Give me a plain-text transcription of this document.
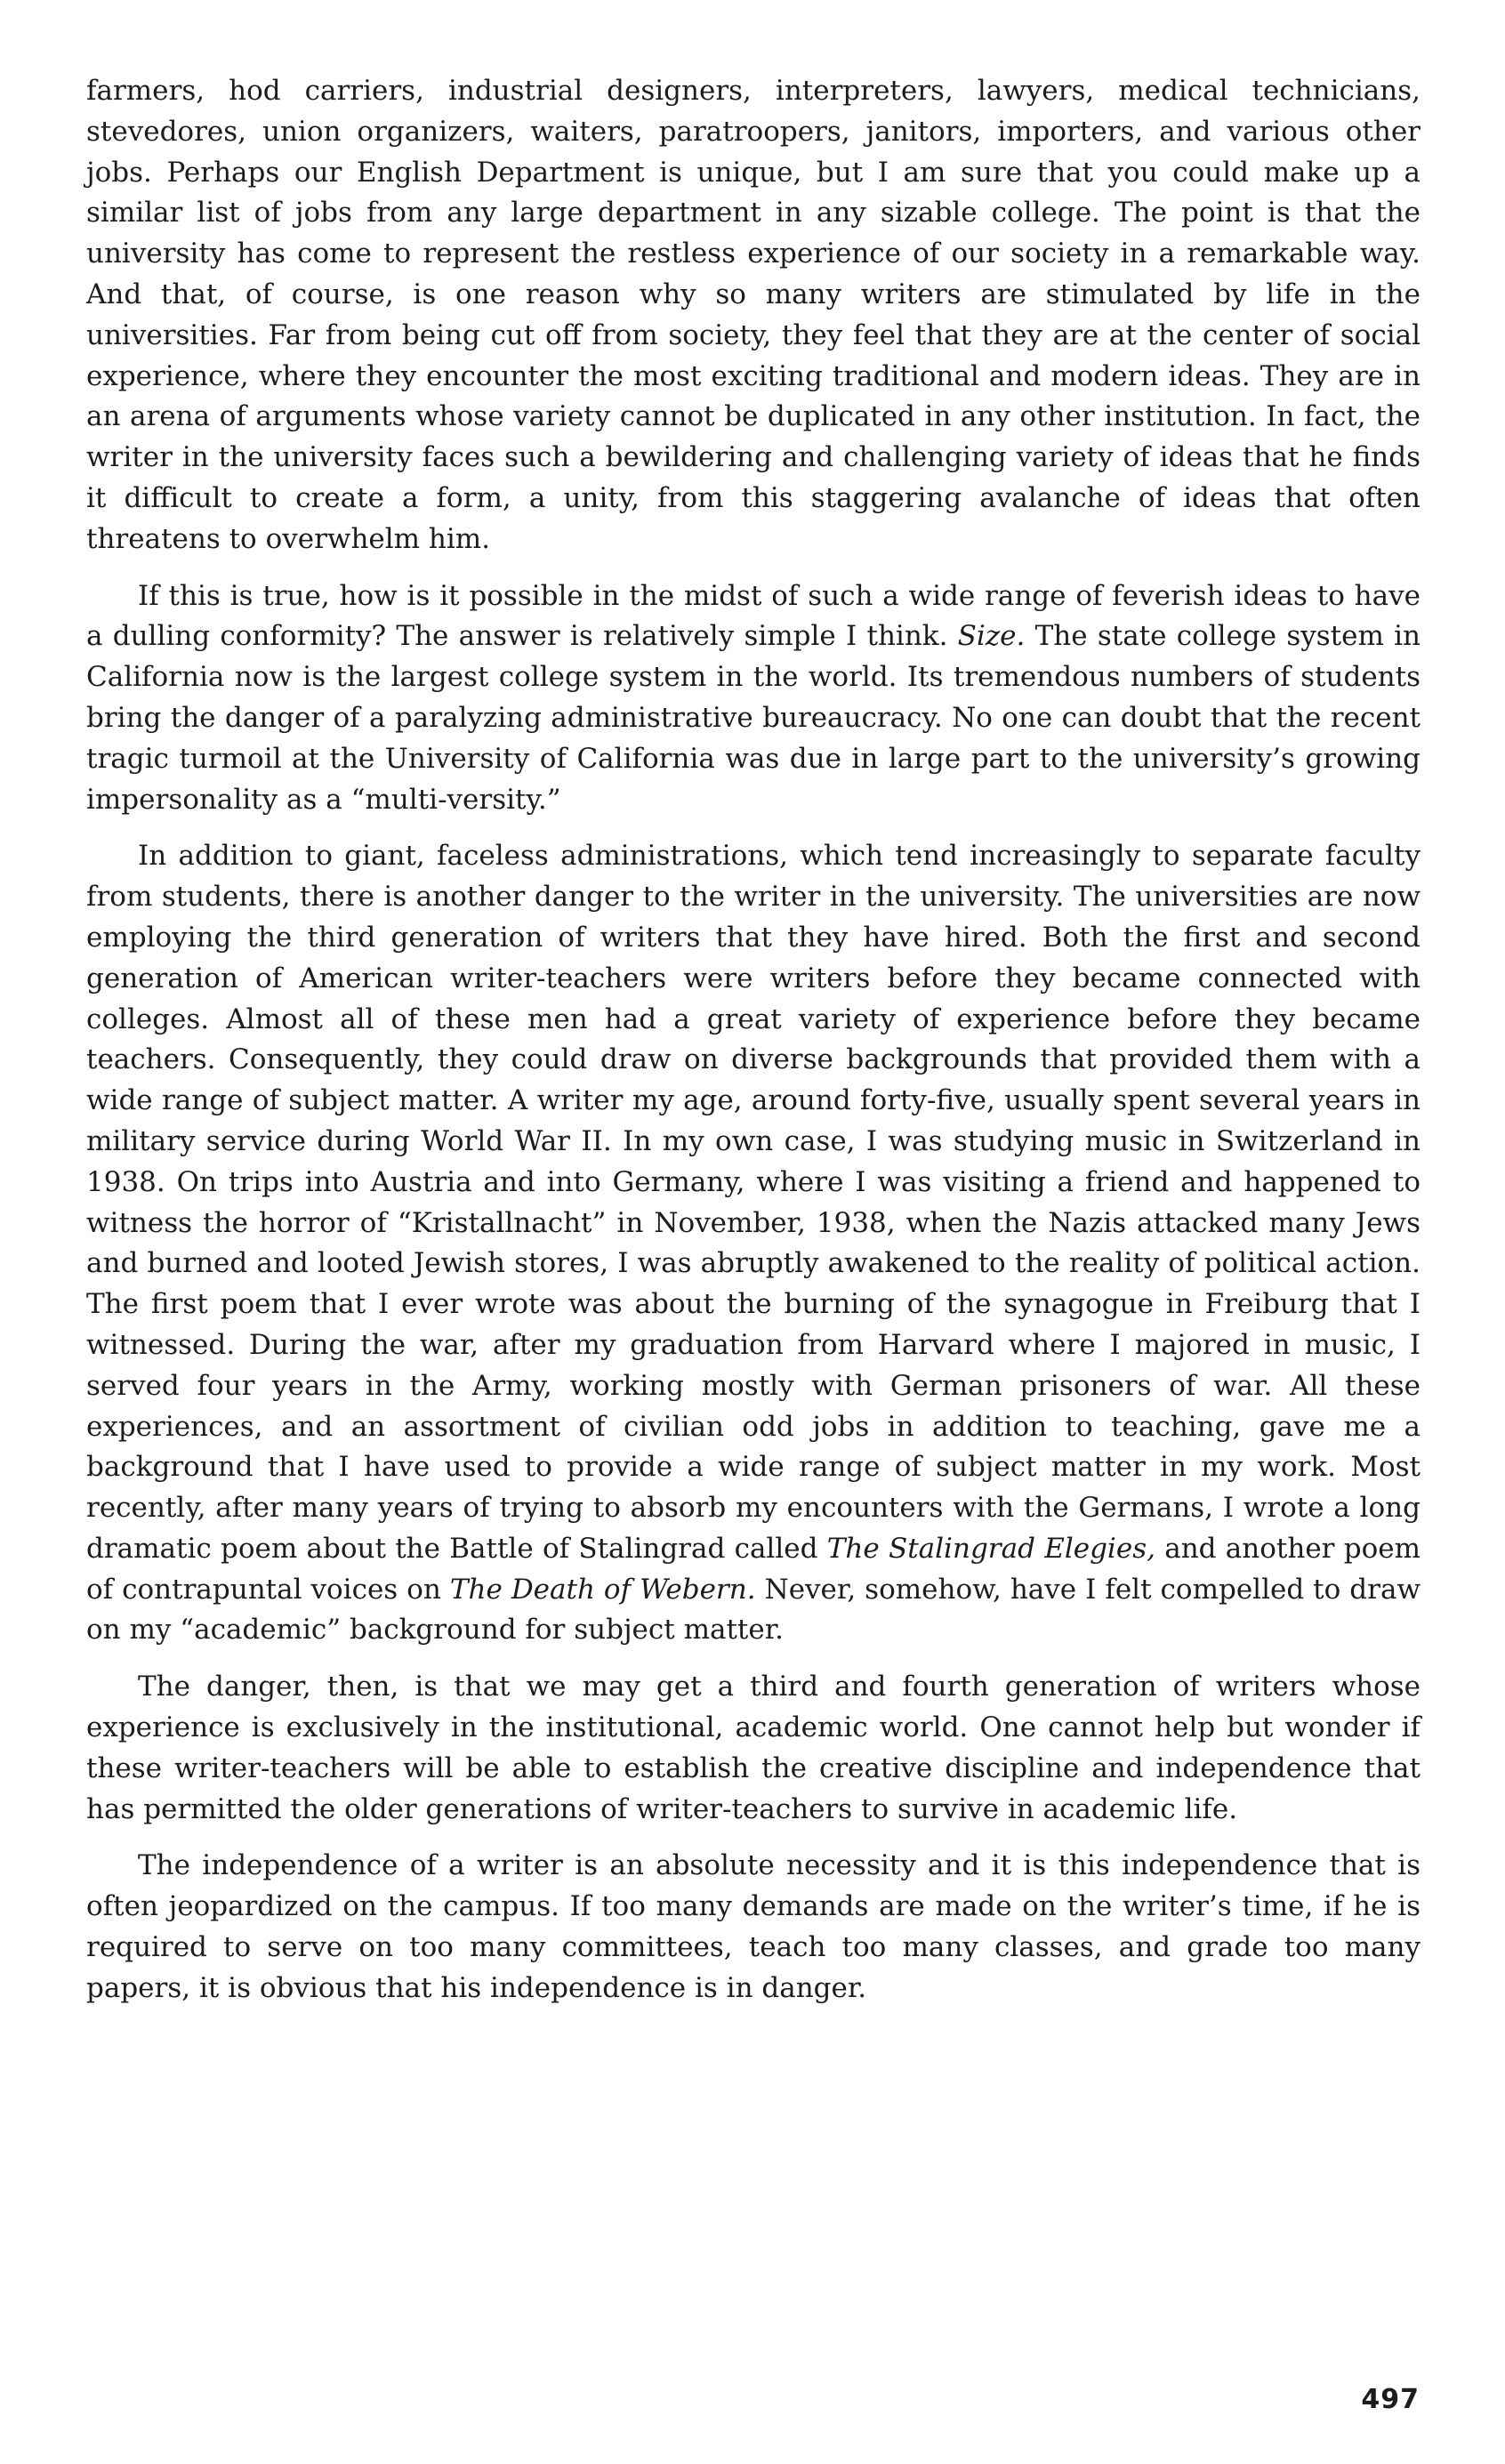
farmers, hod carriers, industrial designers, interpreters, lawyers, medical technicians, stevedores, union organizers, waiters, paratroopers, janitors, importers, and various other jobs. Perhaps our English Department is unique, but I am sure that you could make up a similar list of jobs from any large department in any sizable college. The point is that the university has come to represent the restless experience of our society in a remarkable way. And that, of course, is one reason why so many writers are stimulated by life in the universities. Far from being cut off from society, they feel that they are at the center of social experience, where they encounter the most exciting traditional and modern ideas. They are in an arena of arguments whose variety cannot be duplicated in any other institution. In fact, the writer in the university faces such a bewildering and challenging variety of ideas that he finds it difficult to create a form, a unity, from this staggering avalanche of ideas that often threatens to overwhelm him.

If this is true, how is it possible in the midst of such a wide range of feverish ideas to have a dulling conformity? The answer is relatively simple I think. Size. The state college system in California now is the largest college system in the world. Its tremendous numbers of students bring the danger of a paralyzing administrative bureaucracy. No one can doubt that the recent tragic turmoil at the University of California was due in large part to the university’s growing impersonality as a “multi-versity.”

In addition to giant, faceless administrations, which tend increasingly to separate faculty from students, there is another danger to the writer in the university. The universities are now employing the third generation of writers that they have hired. Both the first and second generation of American writer-teachers were writers before they became connected with colleges. Almost all of these men had a great variety of experience before they became teachers. Consequently, they could draw on diverse backgrounds that provided them with a wide range of subject matter. A writer my age, around forty-five, usually spent several years in military service during World War II. In my own case, I was studying music in Switzerland in 1938. On trips into Austria and into Germany, where I was visiting a friend and happened to witness the horror of “Kristallnacht” in November, 1938, when the Nazis attacked many Jews and burned and looted Jewish stores, I was abruptly awakened to the reality of political action. The first poem that I ever wrote was about the burning of the synagogue in Freiburg that I witnessed. During the war, after my graduation from Harvard where I majored in music, I served four years in the Army, working mostly with German prisoners of war. All these experiences, and an assortment of civilian odd jobs in addition to teaching, gave me a background that I have used to provide a wide range of subject matter in my work. Most recently, after many years of trying to absorb my encounters with the Germans, I wrote a long dramatic poem about the Battle of Stalingrad called The Stalingrad Elegies, and another poem of contrapuntal voices on The Death of Webern. Never, somehow, have I felt compelled to draw on my “academic” background for subject matter.

The danger, then, is that we may get a third and fourth generation of writers whose experience is exclusively in the institutional, academic world. One cannot help but wonder if these writer-teachers will be able to establish the creative discipline and independence that has permitted the older generations of writer-teachers to survive in academic life.

The independence of a writer is an absolute necessity and it is this independence that is often jeopardized on the campus. If too many demands are made on the writer’s time, if he is required to serve on too many committees, teach too many classes, and grade too many papers, it is obvious that his independence is in danger.

497
